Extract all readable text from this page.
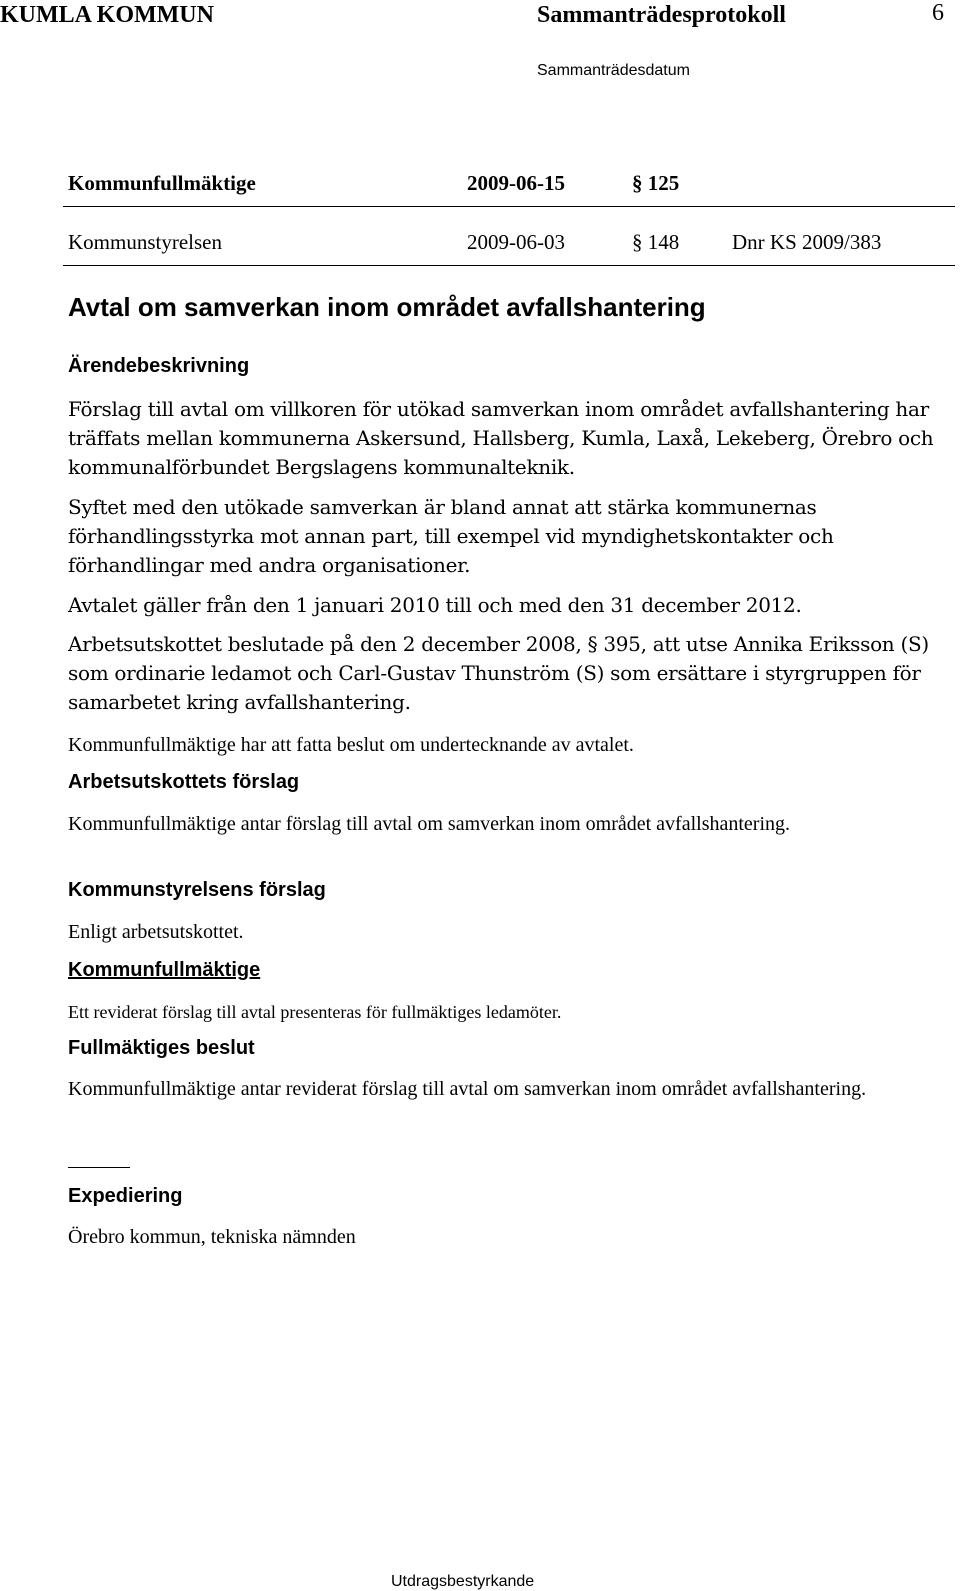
KUMLA KOMMUN	Sammanträdesprotokoll	6
Sammanträdesdatum
Kommunfullmäktige	2009-06-15	§ 125
Kommunstyrelsen	2009-06-03	§ 148	Dnr KS 2009/383
Avtal om samverkan inom området avfallshantering
Ärendebeskrivning
Förslag till avtal om villkoren för utökad samverkan inom området avfallshantering har träffats mellan kommunerna Askersund, Hallsberg, Kumla, Laxå, Lekeberg, Örebro och kommunalförbundet Bergslagens kommunalteknik.
Syftet med den utökade samverkan är bland annat att stärka kommunernas förhandlingsstyrka mot annan part, till exempel vid myndighetskontakter och förhandlingar med andra organisationer.
Avtalet gäller från den 1 januari 2010 till och med den 31 december 2012.
Arbetsutskottet beslutade på den 2 december 2008, § 395, att utse Annika Eriksson (S) som ordinarie ledamot och Carl-Gustav Thunström (S) som ersättare i styrgruppen för samarbetet kring avfallshantering.
Kommunfullmäktige har att fatta beslut om undertecknande av avtalet.
Arbetsutskottets förslag
Kommunfullmäktige antar förslag till avtal om samverkan inom området avfallshantering.
Kommunstyrelsens förslag
Enligt arbetsutskottet.
Kommunfullmäktige
Ett reviderat förslag till avtal presenteras för fullmäktiges ledamöter.
Fullmäktiges beslut
Kommunfullmäktige antar reviderat förslag till avtal om samverkan inom området avfallshantering.
Expediering
Örebro kommun, tekniska nämnden
Utdragsbestyrkande
